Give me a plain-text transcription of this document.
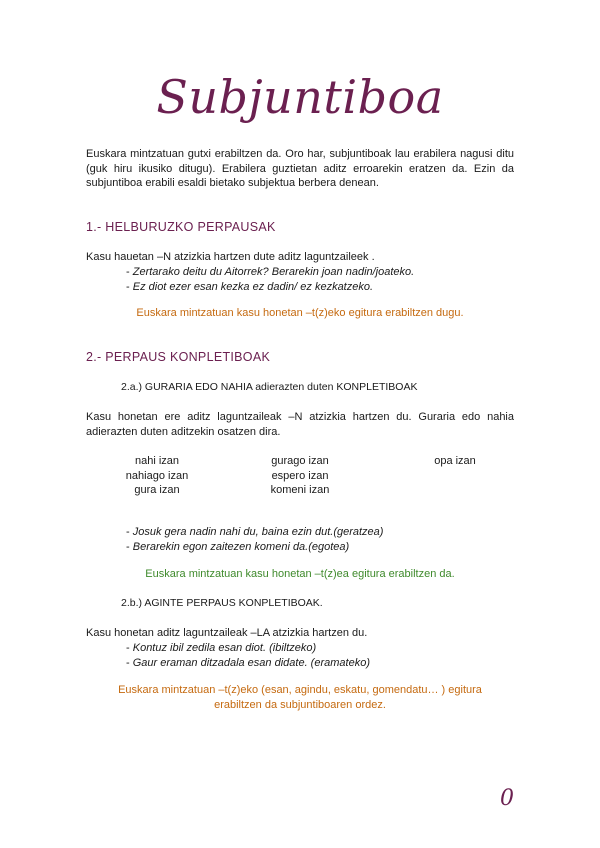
Subjuntiboa
Euskara mintzatuan gutxi erabiltzen da. Oro har, subjuntiboak lau erabilera nagusi ditu (guk hiru ikusiko ditugu). Erabilera guztietan aditz erroarekin eratzen da. Ezin da subjuntiboa erabili esaldi bietako subjektua berbera denean.
1.- HELBURUZKO PERPAUSAK
Kasu hauetan –N atzizkia hartzen dute aditz laguntzaileek .
- Zertarako deitu du Aitorrek? Berarekin joan nadin/joateko.
- Ez diot ezer esan kezka ez dadin/ ez kezkatzeko.
Euskara mintzatuan kasu honetan –t(z)eko egitura erabiltzen dugu.
2.- PERPAUS KONPLETIBOAK
2.a.) GURARIA EDO NAHIA adierazten duten KONPLETIBOAK
Kasu honetan ere aditz laguntzaileak –N atzizkia hartzen du. Guraria edo nahia adierazten duten aditzekin osatzen dira.
nahi izan
nahiago izan
gura izan
gurago izan
espero izan
komeni izan
opa izan
- Josuk gera nadin nahi du, baina ezin dut.(geratzea)
- Berarekin egon zaitezen komeni da.(egotea)
Euskara mintzatuan kasu honetan –t(z)ea egitura erabiltzen da.
2.b.) AGINTE PERPAUS KONPLETIBOAK.
Kasu honetan aditz laguntzaileak –LA atzizkia hartzen du.
- Kontuz ibil zedila esan diot. (ibiltzeko)
- Gaur eraman ditzadala esan didate. (eramateko)
Euskara mintzatuan –t(z)eko (esan, agindu, eskatu, gomendatu… ) egitura
erabiltzen da subjuntiboaren ordez.
0
